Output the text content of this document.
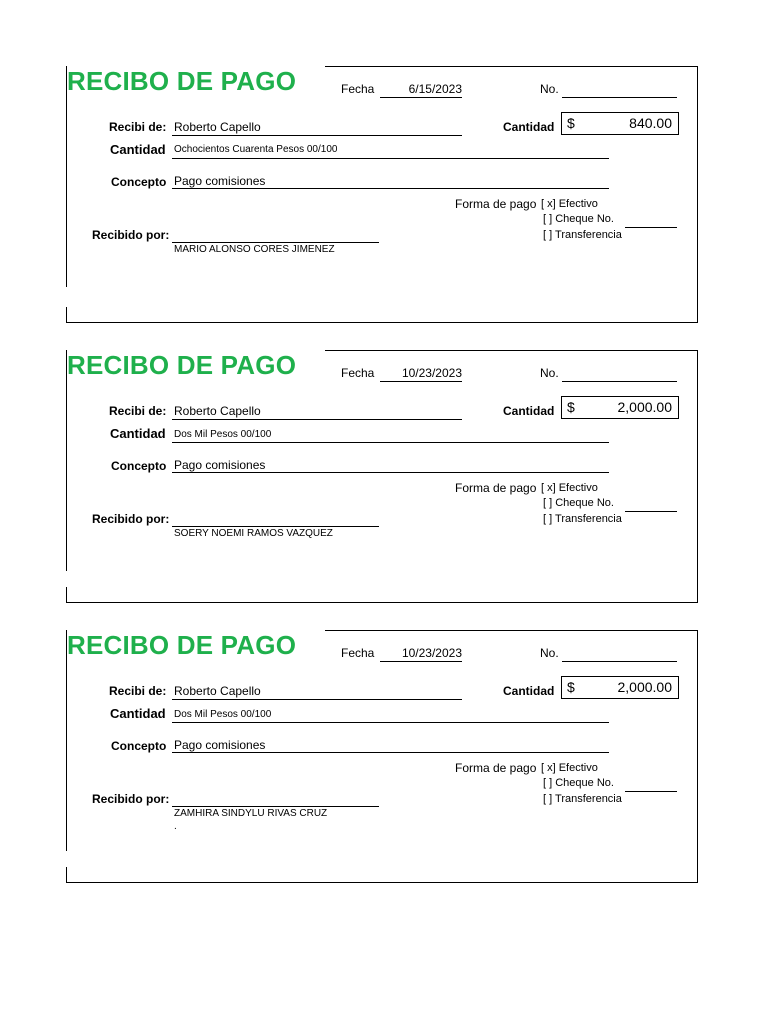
RECIBO DE PAGO	Fecha	6/15/2023	No.
Recibi de: Roberto Capello	Cantidad $	840.00
Cantidad Ochocientos Cuarenta Pesos 00/100
Concepto Pago comisiones
Forma de pago [ x] Efectivo
[ ] Cheque No.
[ ] Transferencia
Recibido por:
MARIO ALONSO CORES JIMENEZ
RECIBO DE PAGO	Fecha	10/23/2023	No.
Recibi de: Roberto Capello	Cantidad $	2,000.00
Cantidad Dos Mil Pesos 00/100
Concepto Pago comisiones
Forma de pago [ x] Efectivo
[ ] Cheque No.
[ ] Transferencia
Recibido por:
SOERY NOEMI RAMOS VAZQUEZ
RECIBO DE PAGO	Fecha	10/23/2023	No.
Recibi de: Roberto Capello	Cantidad $	2,000.00
Cantidad Dos Mil Pesos 00/100
Concepto Pago comisiones
Forma de pago [ x] Efectivo
[ ] Cheque No.
[ ] Transferencia
Recibido por:
ZAMHIRA SINDYLU RIVAS CRUZ
.
